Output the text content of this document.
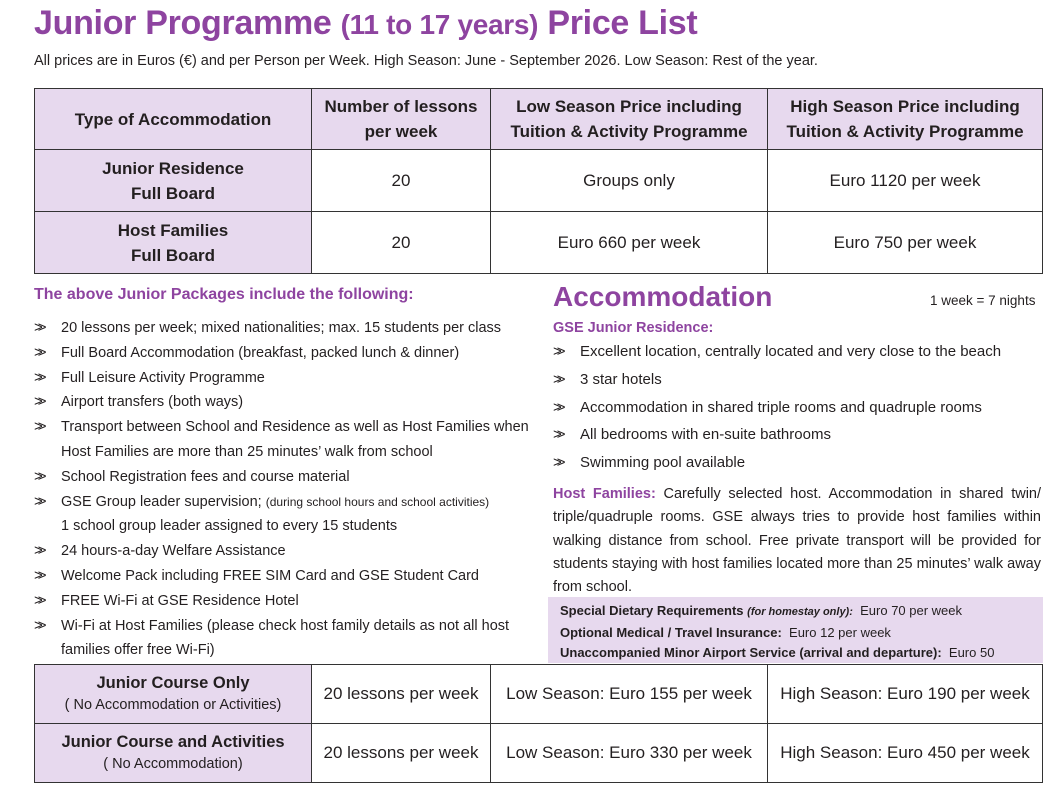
Junior Programme (11 to 17 years) Price List
All prices are in Euros (€) and per Person per Week. High Season: June - September 2026. Low Season: Rest of the year.
Type of Accommodation	Number of lessons per week	Low Season Price including Tuition & Activity Programme	High Season Price including Tuition & Activity Programme
Junior Residence Full Board	20	Groups only	Euro 1120 per week
Host Families Full Board	20	Euro 660 per week	Euro 750 per week
The above Junior Packages include the following:
>> 20 lessons per week; mixed nationalities; max. 15 students per class
>> Full Board Accommodation (breakfast, packed lunch & dinner)
>> Full Leisure Activity Programme
>> Airport transfers (both ways)
>> Transport between School and Residence as well as Host Families when Host Families are more than 25 minutes’ walk from school
>> School Registration fees and course material
>> GSE Group leader supervision; (during school hours and school activities)
1 school group leader assigned to every 15 students
>> 24 hours-a-day Welfare Assistance
>> Welcome Pack including FREE SIM Card and GSE Student Card
>> FREE Wi-Fi at GSE Residence Hotel
>> Wi-Fi at Host Families (please check host family details as not all host families offer free Wi-Fi)
Accommodation	1 week = 7 nights
GSE Junior Residence:
>> Excellent location, centrally located and very close to the beach
>> 3 star hotels
>> Accommodation in shared triple rooms and quadruple rooms
>> All bedrooms with en-suite bathrooms
>> Swimming pool available
Host Families: Carefully selected host. Accommodation in shared twin/ triple/quadruple rooms. GSE always tries to provide host families within walking distance from school. Free private transport will be provided for students staying with host families located more than 25 minutes’ walk away from school.
Special Dietary Requirements (for homestay only): Euro 70 per week
Optional Medical / Travel Insurance: Euro 12 per week
Unaccompanied Minor Airport Service (arrival and departure): Euro 50
Junior Course Only
( No Accommodation or Activities)	20 lessons per week	Low Season: Euro 155 per week	High Season: Euro 190 per week

Junior Course and Activities
( No Accommodation)	20 lessons per week	Low Season: Euro 330 per week	High Season: Euro 450 per week
